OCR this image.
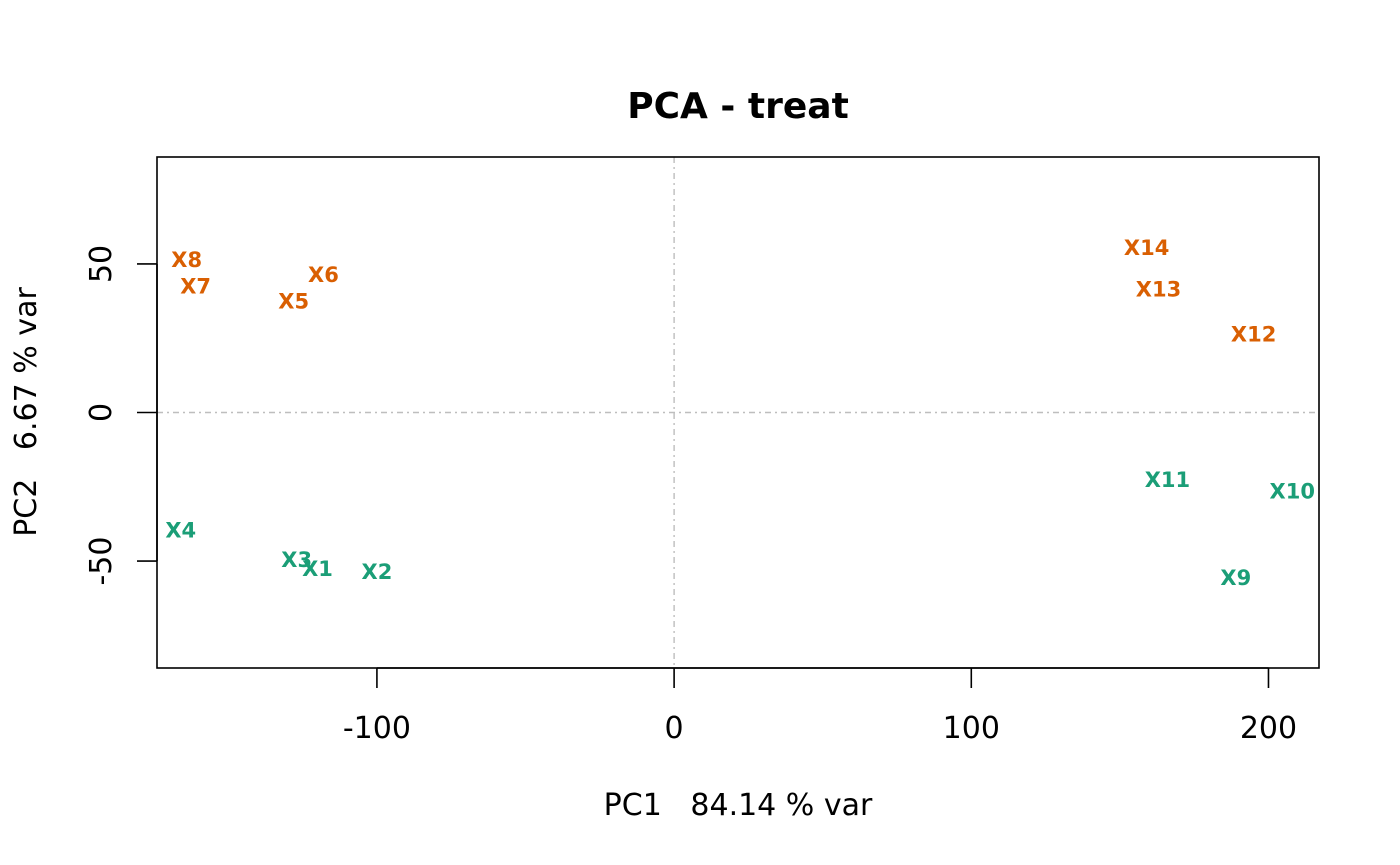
PCA - treat
-100	0	100	200
-50
0
50
PC1   84.14 % var
PC2   6.67 % var
X1 X2
X3
X4
X9
X10
X11
X5
X6
X7
X8
X12
X13
X14
